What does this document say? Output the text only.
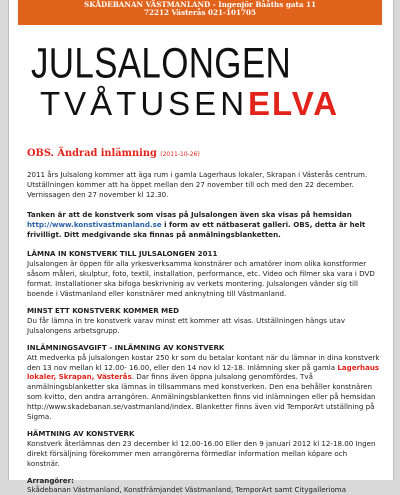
SKÅDEBANAN VÄSTMANLAND - Ingenjör Bååths gata 11
72212 Västerås 021-101705
JULSALONGEN
TVÅTUSENELVA
OBS. Ändrad inlämning (2011-10-26)

2011 års Julsalong kommer att äga rum i gamla Lagerhaus lokaler, Skrapan i Västerås centrum. Utställningen kommer att ha öppet mellan den 27 november till och med den 22 december. Vernissagen den 27 november kl 12.30.

Tanken är att de konstverk som visas på Julsalongen även ska visas på hemsidan http://www.konstivastmanland.se i form av ett nätbaserat galleri. OBS, detta är helt frivilligt. Ditt medgivande ska finnas på anmälningsblanketten.

LÄMNA IN KONSTVERK TILL JULSALONGEN 2011

Julsalongen är öppen för alla yrkesverksamma konstnärer och amatörer inom olika konstformer såsom måleri, skulptur, foto, textil, installation, performance, etc. Video och filmer ska vara i DVD format. Installationer ska bifoga beskrivning av verkets montering. Julsalongen vänder sig till boende i Västmanland eller konstnärer med anknytning till Västmanland.

MINST ETT KONSTVERK KOMMER MED

Du får lämna in tre konstverk varav minst ett kommer att visas. Utställningen hängs utav Julsalongens arbetsgrupp.

INLÄMNINGSAVGIFT - INLÄMNING AV KONSTVERK

Att medverka på julsalongen kostar 250 kr som du betalar kontant när du lämnar in dina konstverk den 13 nov mellan kl 12.00- 16.00, eller den 14 nov kl 12-18. Inlämning sker på gamla Lagerhaus lokaler, Skrapan, Västerås. Dar finns även öppna julsalong genomfördes. Två anmälningsblanketter ska lämnas in tillsammans med konstverken. Den ena behåller konstnären som kvitto, den andra arrangören. Anmälningsblanketten finns vid inlämningen eller på hemsidan http://www.skadebanan.se/vastmanland/index. Blanketter finns även vid TemporArt utställning på Sigma.

HÄMTNING AV KONSTVERK

Konstverk återlämnas den 23 december kl 12.00-16.00 Eller den 9 januari 2012 kl 12-18.00 Ingen direkt försäljning förekommer men arrangörerna förmedlar information mellan köpare och konstnär.

Arrangörer:

Skådebanan Västmanland, Konstfrämjandet Västmanland, TemporArt samt Citygallerioma
